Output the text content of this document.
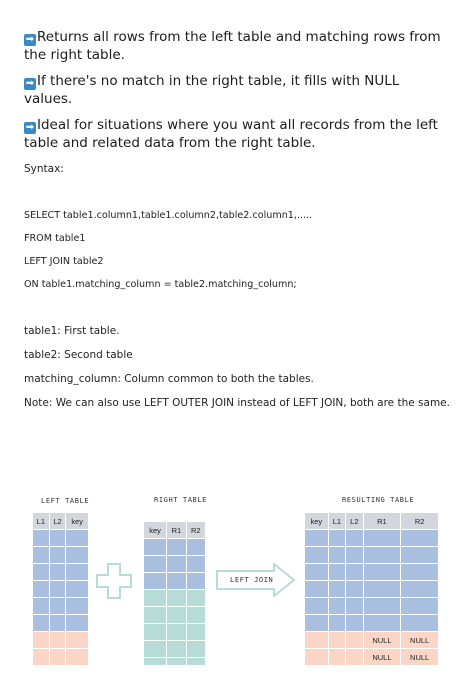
➡ Returns all rows from the left table and matching rows from the right table.

➡ If there's no match in the right table, it fills with NULL values.

➡ Ideal for situations where you want all records from the left table and related data from the right table.

Syntax:
SELECT table1.column1,table1.column2,table2.column1,.....
FROM table1
LEFT JOIN table2
ON table1.matching_column = table2.matching_column;
table1: First table.
table2: Second table
matching_column: Column common to both the tables.
Note: We can also use LEFT OUTER JOIN instead of LEFT JOIN, both are the same.
LEFT TABLE	RIGHT TABLE	RESULTING TABLE
L1	L2	key

key	R1	R2

LEFT JOIN
key	L1	L2	R1	R2

			NULL	NULL
			NULL	NULL
